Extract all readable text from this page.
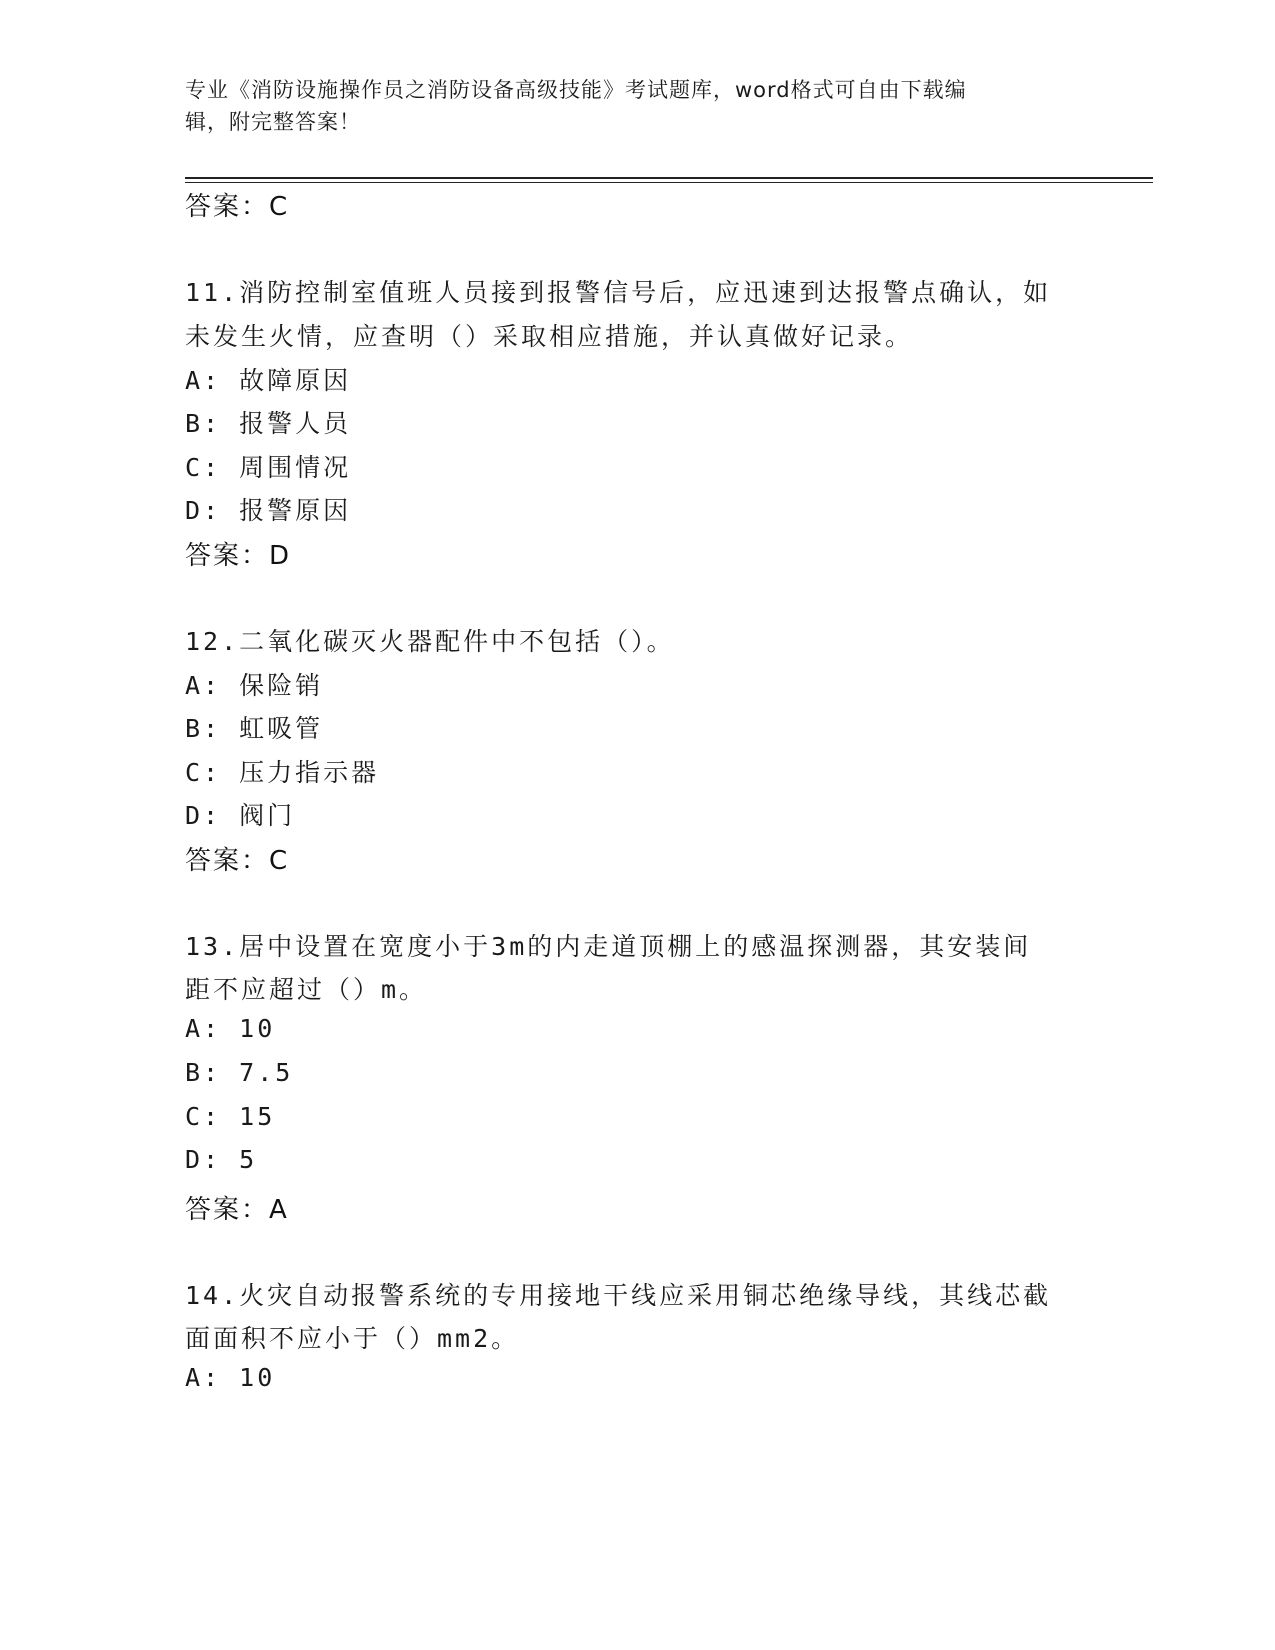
专业《消防设施操作员之消防设备高级技能》考试题库，word格式可自由下载编
辑，附完整答案！
答案：C
11.消防控制室值班人员接到报警信号后，应迅速到达报警点确认，如
未发生火情，应查明（）采取相应措施，并认真做好记录。
A: 故障原因
B: 报警人员
C: 周围情况
D: 报警原因
答案：D
12.二氧化碳灭火器配件中不包括（）。
A: 保险销
B: 虹吸管
C: 压力指示器
D: 阀门
答案：C
13.居中设置在宽度小于3m的内走道顶棚上的感温探测器，其安装间
距不应超过（）m。
A: 10
B: 7.5
C: 15
D: 5
答案：A
14.火灾自动报警系统的专用接地干线应采用铜芯绝缘导线，其线芯截
面面积不应小于（）mm2。
A: 10
